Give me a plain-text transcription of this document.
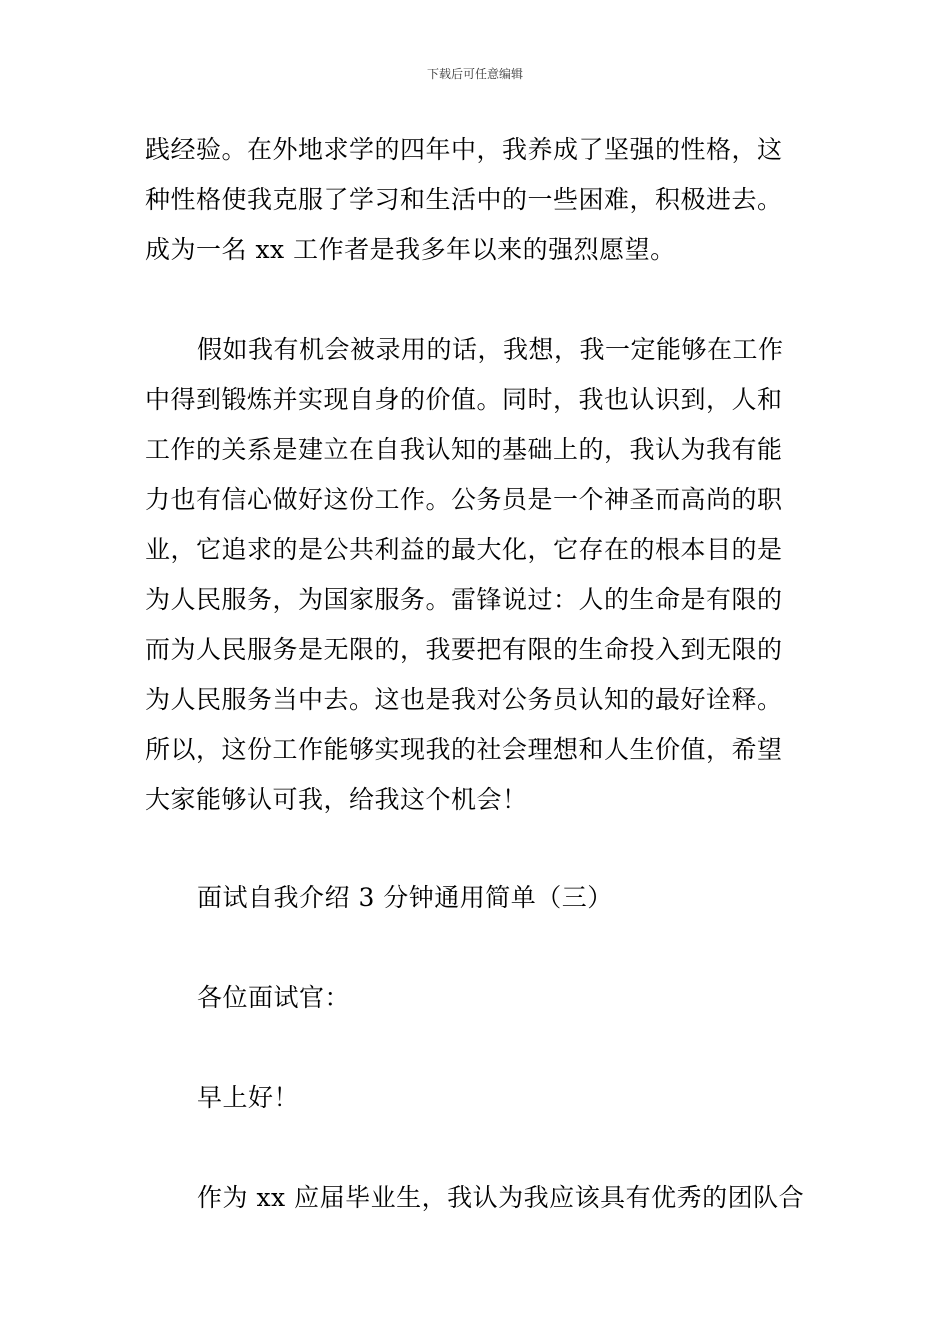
下载后可任意编辑
践经验。在外地求学的四年中，我养成了坚强的性格，这
种性格使我克服了学习和生活中的一些困难，积极进去。
成为一名 xx 工作者是我多年以来的强烈愿望。
假如我有机会被录用的话，我想，我一定能够在工作
中得到锻炼并实现自身的价值。同时，我也认识到，人和
工作的关系是建立在自我认知的基础上的，我认为我有能
力也有信心做好这份工作。公务员是一个神圣而高尚的职
业，它追求的是公共利益的最大化，它存在的根本目的是
为人民服务，为国家服务。雷锋说过：人的生命是有限的
而为人民服务是无限的，我要把有限的生命投入到无限的
为人民服务当中去。这也是我对公务员认知的最好诠释。
所以，这份工作能够实现我的社会理想和人生价值，希望
大家能够认可我，给我这个机会！
面试自我介绍 3 分钟通用简单（三）
各位面试官：
早上好！
作为 xx 应届毕业生，我认为我应该具有优秀的团队合
